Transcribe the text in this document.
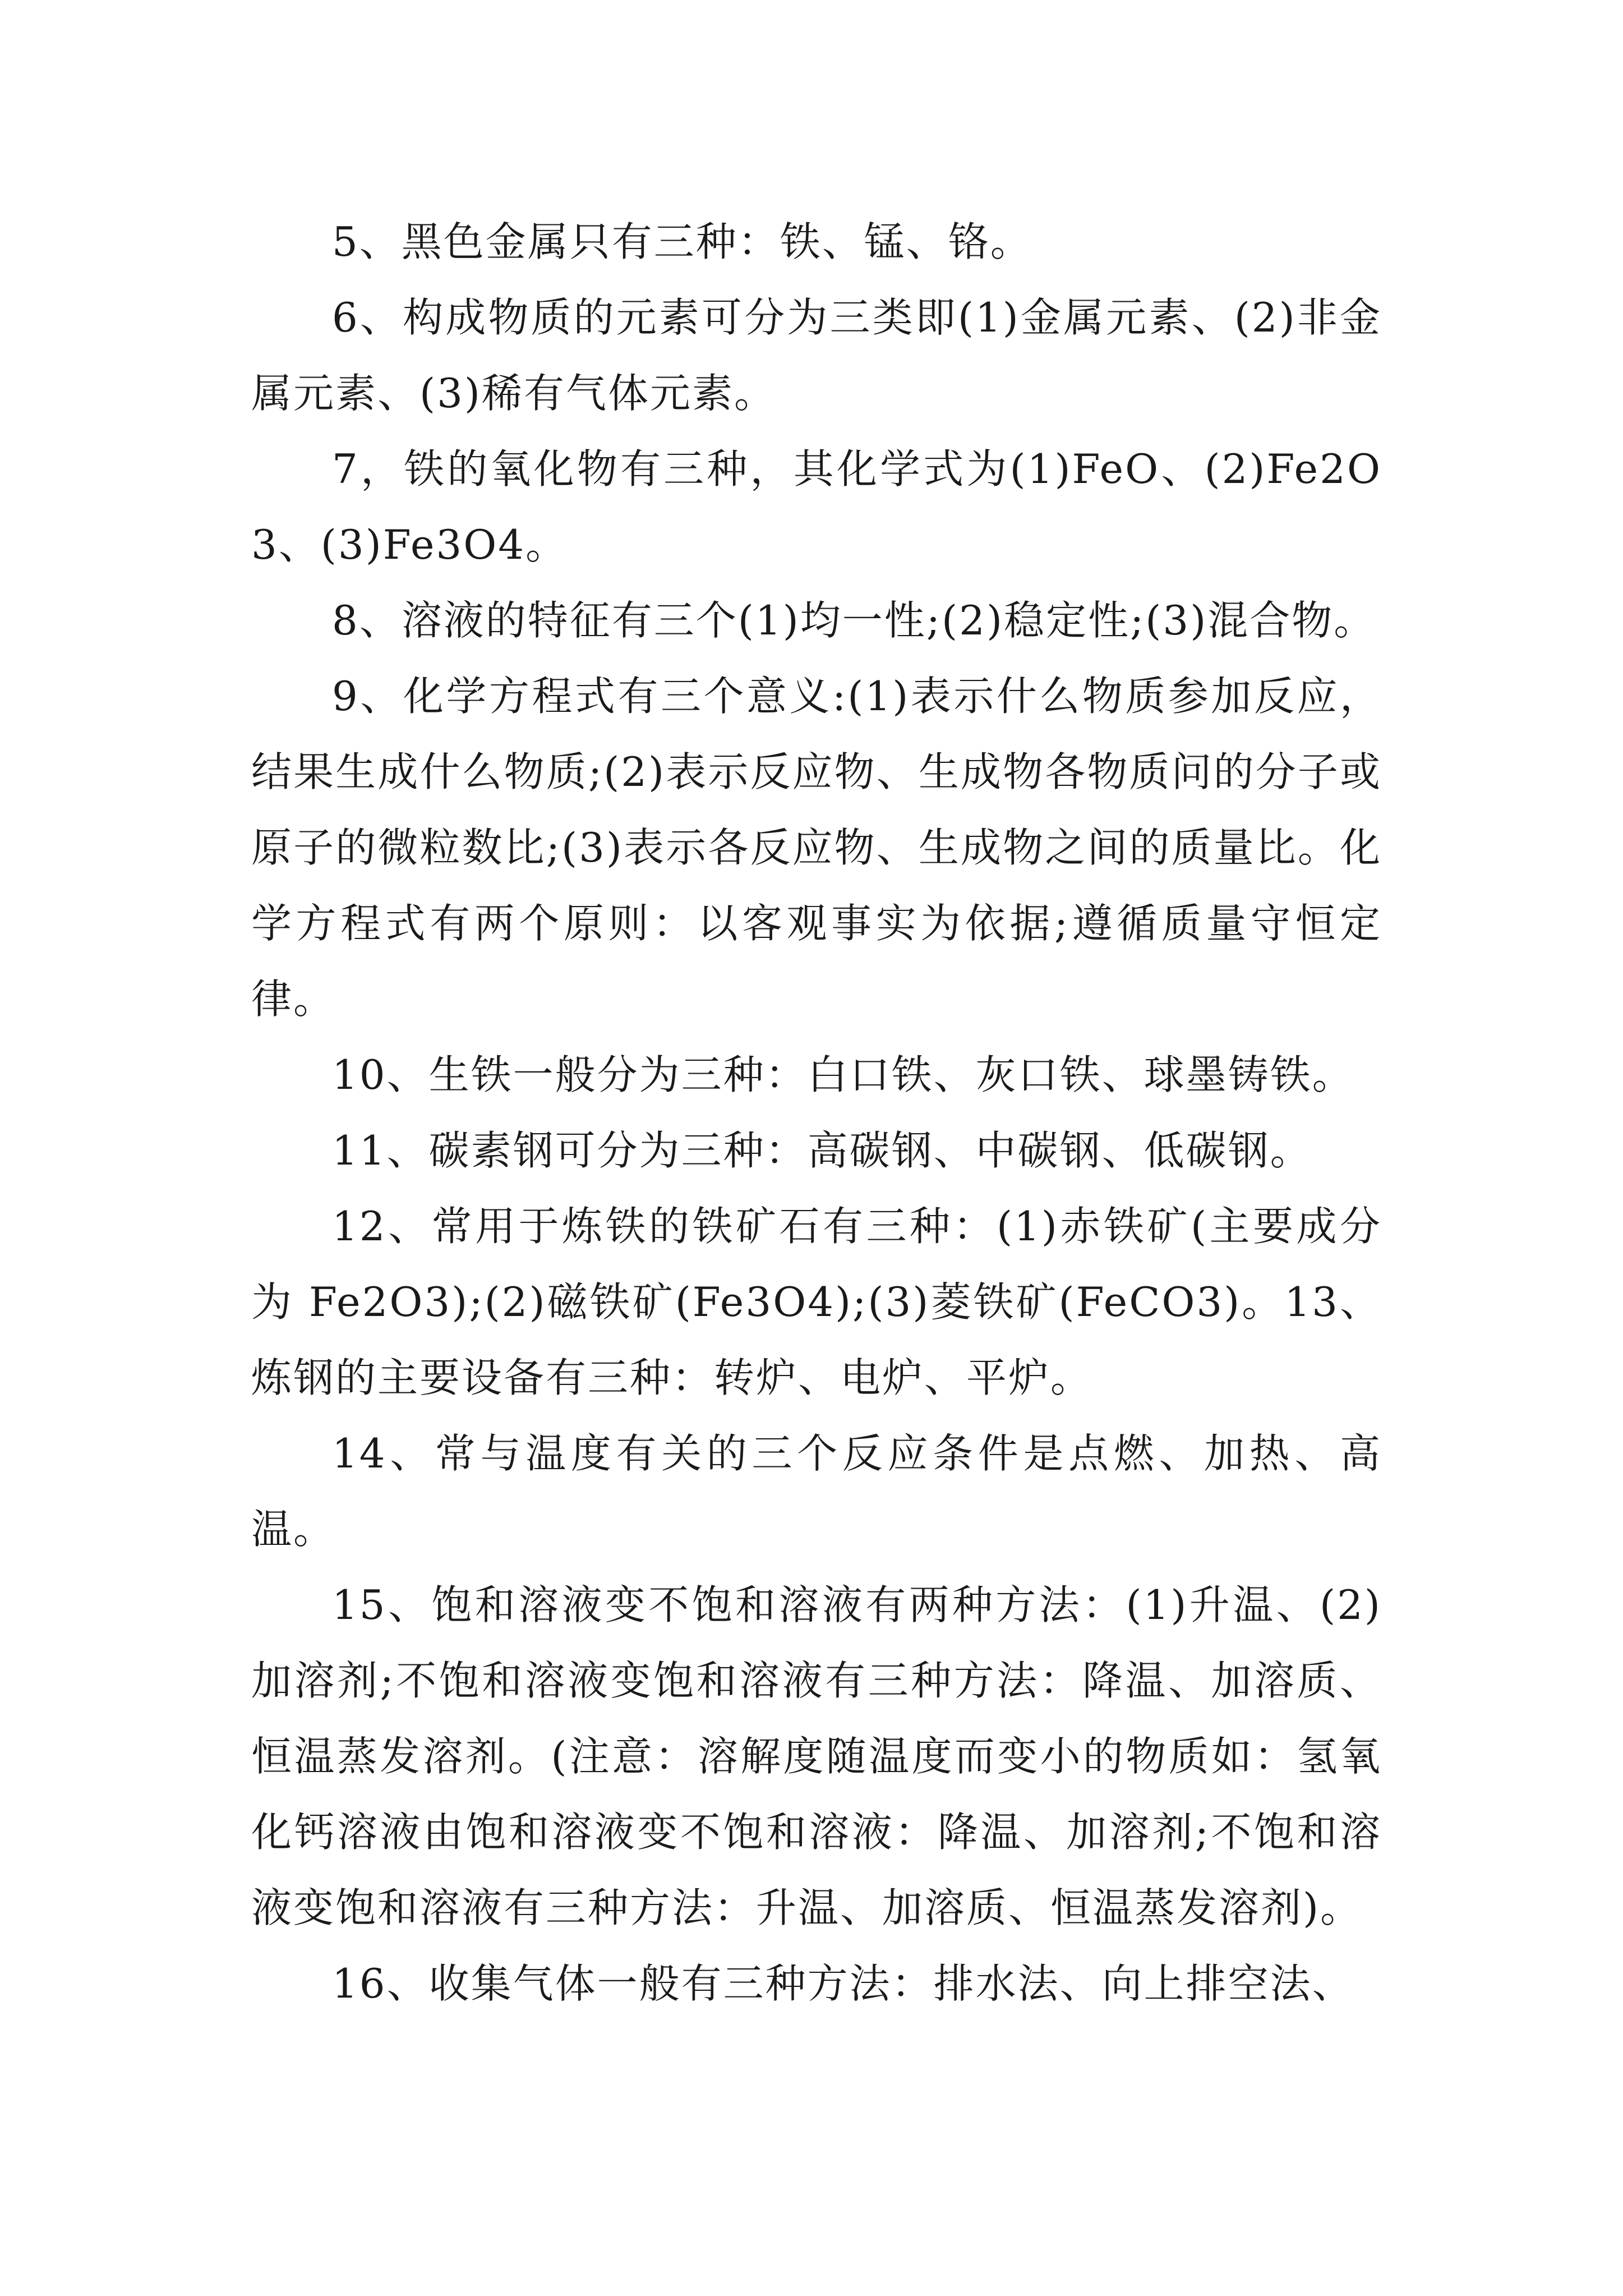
5、黑色金属只有三种：铁、锰、铬。

6、构成物质的元素可分为三类即(1)金属元素、(2)非金属元素、(3)稀有气体元素。

7，铁的氧化物有三种，其化学式为(1)FeO、(2)Fe2O3、(3)Fe3O4。

8、溶液的特征有三个(1)均一性;(2)稳定性;(3)混合物。

9、化学方程式有三个意义:(1)表示什么物质参加反应，结果生成什么物质;(2)表示反应物、生成物各物质问的分子或原子的微粒数比;(3)表示各反应物、生成物之间的质量比。化学方程式有两个原则：以客观事实为依据;遵循质量守恒定律。

10、生铁一般分为三种：白口铁、灰口铁、球墨铸铁。

11、碳素钢可分为三种：高碳钢、中碳钢、低碳钢。

12、常用于炼铁的铁矿石有三种：(1)赤铁矿(主要成分为 Fe2O3);(2)磁铁矿(Fe3O4);(3)菱铁矿(FeCO3)。13、炼钢的主要设备有三种：转炉、电炉、平炉。

14、常与温度有关的三个反应条件是点燃、加热、高温。

15、饱和溶液变不饱和溶液有两种方法：(1)升温、(2)加溶剂;不饱和溶液变饱和溶液有三种方法：降温、加溶质、恒温蒸发溶剂。(注意：溶解度随温度而变小的物质如：氢氧化钙溶液由饱和溶液变不饱和溶液：降温、加溶剂;不饱和溶液变饱和溶液有三种方法：升温、加溶质、恒温蒸发溶剂)。

16、收集气体一般有三种方法：排水法、向上排空法、
